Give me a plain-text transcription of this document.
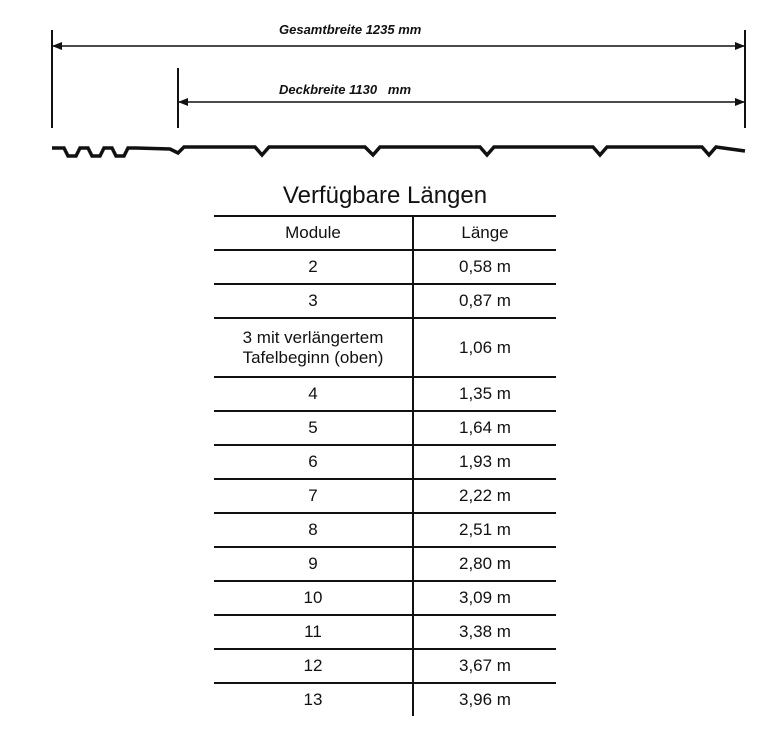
Gesamtbreite 1235 mm
Deckbreite 1130   mm
Verfügbare Längen
Module	Länge
2	0,58 m
3	0,87 m
3 mit verlängertem Tafelbeginn (oben)	1,06 m
4	1,35 m
5	1,64 m
6	1,93 m
7	2,22 m
8	2,51 m
9	2,80 m
10	3,09 m
11	3,38 m
12	3,67 m
13	3,96 m
